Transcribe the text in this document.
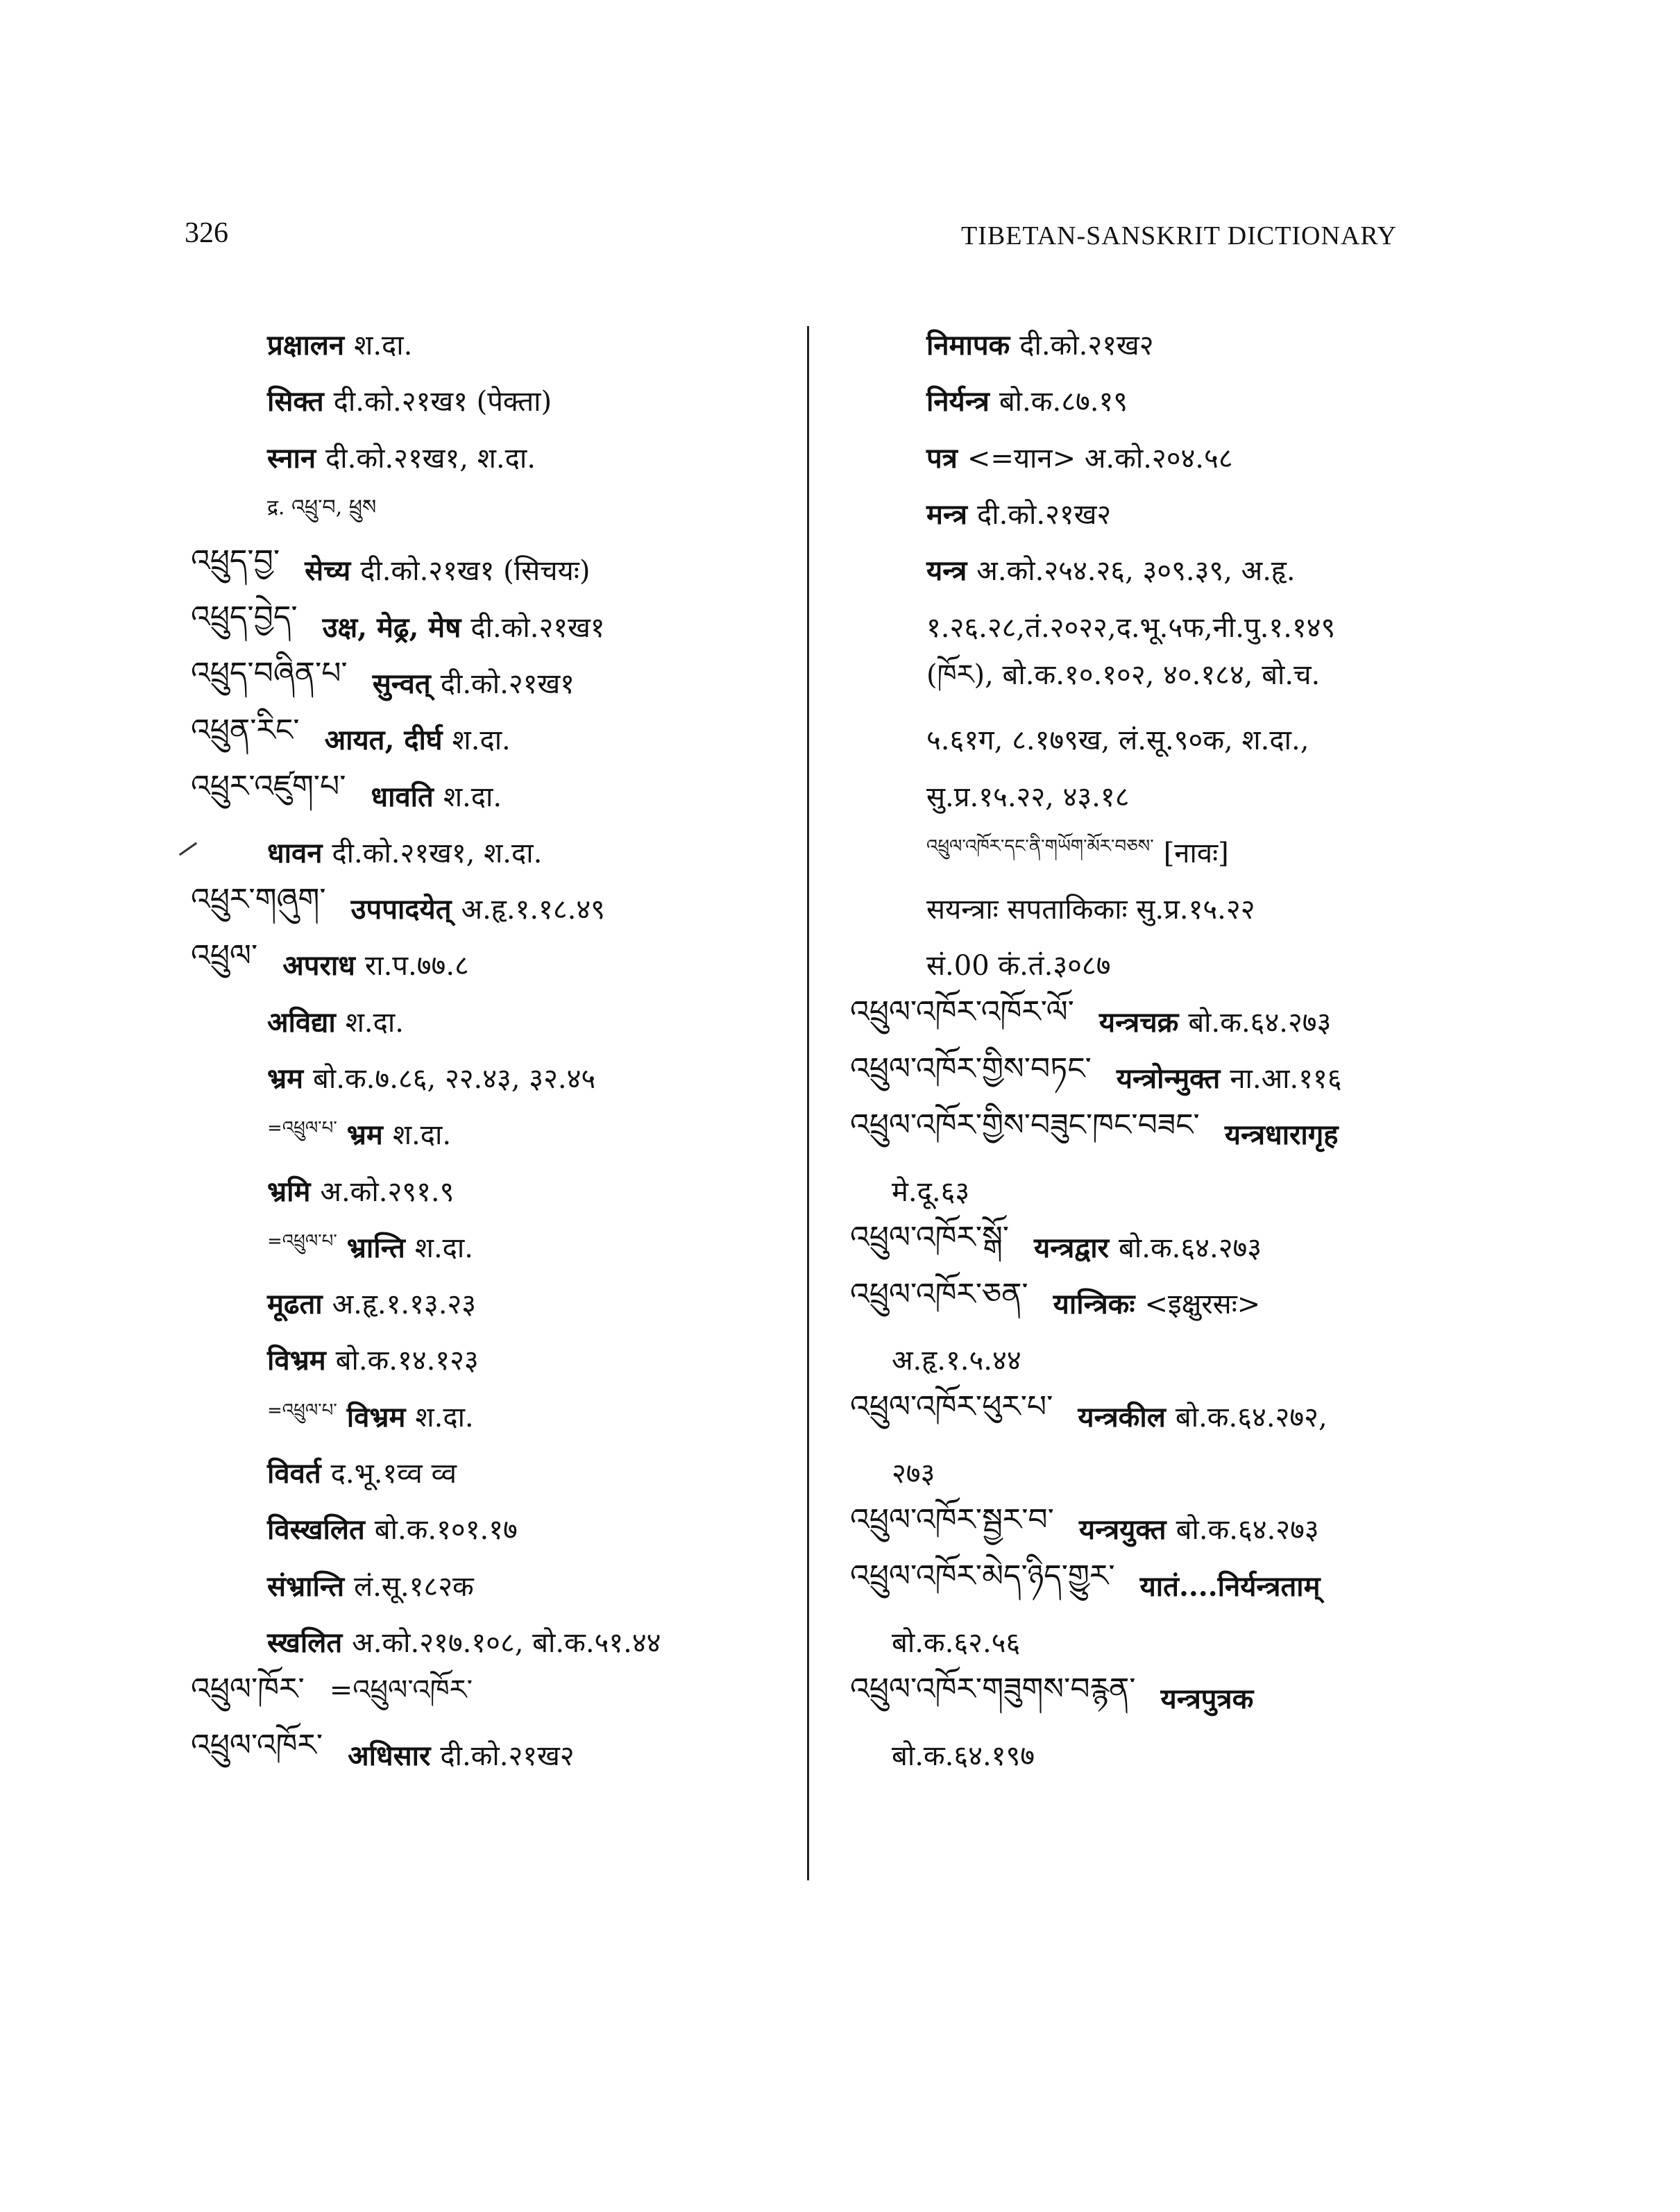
326	TIBETAN-SANSKRIT DICTIONARY
प्रक्षालन श.दा.
सिक्त दी.को.२१ख१ (पेक्ता)
स्नान दी.को.२१ख१, श.दा.
द्र. འཕྲུ་བ, ཕྲུས
འཕྲུད་བྱ་ सेच्य दी.को.२१ख१ (सिचयः)
འཕྲུད་བྱེད་ उक्ष, मेढ्र, मेष दी.को.२१ख१
འཕྲུད་བཞིན་པ་ सुन्वत् दी.को.२१ख१
འཕྲུན་རིང་ आयत, दीर्घ श.दा.
འཕྲུར་འཛུག་པ་ धावति श.दा.
धावन दी.को.२१ख१, श.दा.
འཕྲུར་གཞུག་ उपपादयेत् अ.हृ.१.१८.४९
འཕྲུལ་ अपराध रा.प.७७.८
अविद्या श.दा.
भ्रम बो.क.७.८६, २२.४३, ३२.४५
=འཕྲུལ་པ་ भ्रम श.दा.
भ्रमि अ.को.२९१.९
=འཕྲུལ་པ་ भ्रान्ति श.दा.
मूढता अ.हृ.१.१३.२३
विभ्रम बो.क.१४.१२३
=འཕྲུལ་པ་ विभ्रम श.दा.
विवर्त द.भू.१व्व व्व
विस्खलित बो.क.१०१.१७
संभ्रान्ति लं.सू.१८२क
स्खलित अ.को.२१७.१०८, बो.क.५१.४४
འཕྲུལ་ཁོར་ =འཕྲུལ་འཁོར་
འཕྲུལ་འཁོར་ अधिसार दी.को.२१ख२
निमापक दी.को.२१ख२
निर्यन्त्र बो.क.८७.१९
पत्र <=यान> अ.को.२०४.५८
मन्त्र दी.को.२१ख२
यन्त्र अ.को.२५४.२६, ३०९.३९, अ.हृ.
१.२६.२८,तं.२०२२,द.भू.५फ,नी.पु.१.१४९
(ཁོར), बो.क.१०.१०२, ४०.१८४, बो.च.
५.६१ग, ८.१७९ख, लं.सू.९०क, श.दा.,
सु.प्र.१५.२२, ४३.१८
འཕྲུལ་འཁོར་དང་ནི་གཡོག་མོར་བཅས་ [नावः]
सयन्त्राः सपताकिकाः सु.प्र.१५.२२
सं.00 कं.तं.३०८७
འཕྲུལ་འཁོར་འཁོར་ལོ་ यन्त्रचक्र बो.क.६४.२७३
འཕྲུལ་འཁོར་གྱིས་བཏང་ यन्त्रोन्मुक्त ना.आ.११६
འཕྲུལ་འཁོར་གྱིས་བཟུང་ཁང་བཟང་ यन्त्रधारागृह
मे.दू.६३
འཕྲུལ་འཁོར་སྒོ་ यन्त्रद्वार बो.क.६४.२७३
འཕྲུལ་འཁོར་ཅན་ यान्त्रिकः <इक्षुरसः>
अ.हृ.१.५.४४
འཕྲུལ་འཁོར་ཕུར་པ་ यन्त्रकील बो.क.६४.२७२,
२७३
འཕྲུལ་འཁོར་སྦྱར་བ་ यन्त्रयुक्त बो.क.६४.२७३
འཕྲུལ་འཁོར་མེད་ཉིད་གྱུར་ यातं....निर्यन्त्रताम्
बो.क.६२.५६
འཕྲུལ་འཁོར་གཟུགས་བརྙན་ यन्त्रपुत्रक
बो.क.६४.१९७
